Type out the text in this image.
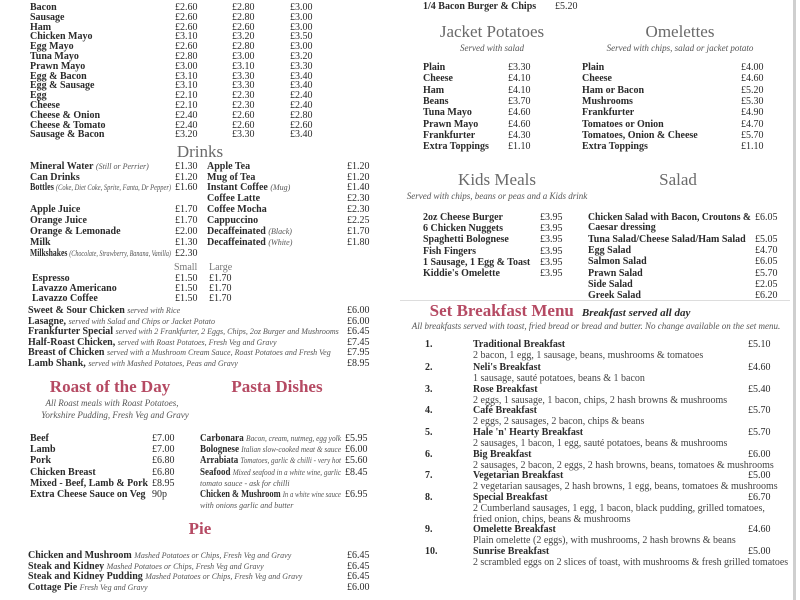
Bacon	£2.60	£2.80	£3.00
Sausage	£2.60	£2.80	£3.00
Ham	£2.60	£2.60	£3.00
Chicken Mayo	£3.10	£3.20	£3.50
Egg Mayo	£2.60	£2.80	£3.00
Tuna Mayo	£2.80	£3.00	£3.20
Prawn Mayo	£3.00	£3.10	£3.30
Egg & Bacon	£3.10	£3.30	£3.40
Egg & Sausage	£3.10	£3.30	£3.40
Egg	£2.10	£2.30	£2.40
Cheese	£2.10	£2.30	£2.40
Cheese & Onion	£2.40	£2.60	£2.80
Cheese & Tomato	£2.40	£2.60	£2.60
Sausage & Bacon	£3.20	£3.30	£3.40
Drinks
Mineral Water (Still or Perrier)	£1.30
Can Drinks	£1.20
Bottles (Coke, Diet Coke, Sprite, Fanta, Dr Pepper) £1.60
Apple Juice	£1.70
Orange Juice	£1.70
Orange & Lemonade	£2.00
Milk	£1.30
Milkshakes (Chocolate, Strawberry, Banana, Vanilla) £2.30
Apple Tea	£1.20
Mug of Tea	£1.20
Instant Coffee (Mug)	£1.40
Coffee Latte	£2.30
Coffee Mocha	£2.30
Cappuccino	£2.25
Decaffeinated (Black)	£1.70
Decaffeinated (White)	£1.80
Small Large
Espresso	£1.50 £1.70
Lavazzo Americano	£1.50 £1.70
Lavazzo Coffee	£1.50 £1.70
Sweet & Sour Chicken served with Rice	£6.00
Lasagne, served with Salad and Chips or Jacket Potato	£6.00
Frankfurter Special served with 2 Frankfurter, 2 Eggs, Chips, 2oz Burger and Mushrooms £6.45
Half-Roast Chicken, served with Roast Potatoes, Fresh Veg and Gravy	£7.45
Breast of Chicken served with a Mushroom Cream Sauce, Roast Potatoes and Fresh Veg £7.95
Lamb Shank, served with Mashed Potatoes, Peas and Gravy	£8.95
Roast of the Day	Pasta Dishes
All Roast meals with Roast Potatoes,
Yorkshire Pudding, Fresh Veg and Gravy
Beef	£7.00
Lamb	£7.00
Pork	£6.80
Chicken Breast	£6.80
Mixed - Beef, Lamb & Pork £8.95
Extra Cheese Sauce on Veg 90p
Carbonara Bacon, cream, nutmeg, egg yolk £5.95
Bolognese Italian slow-cooked meat & sauce £6.00
Arrabiata Tomatoes, garlic & chilli - very hot £5.60
Seafood Mixed seafood in a white wine, garlic £8.45
tomato sauce - ask for chilli
Chicken & Mushroom In a white wine sauce £6.95
with onions garlic and butter
Pie
Chicken and Mushroom Mashed Potatoes or Chips, Fresh Veg and Gravy	£6.45
Steak and Kidney Mashed Potatoes or Chips, Fresh Veg and Gravy	£6.45
Steak and Kidney Pudding Mashed Potatoes or Chips, Fresh Veg and Gravy	£6.45
Cottage Pie Fresh Veg and Gravy	£6.00
Jacket Potatoes
Served with salad
Omelettes
Served with chips, salad or jacket potato
1/4 Bacon Burger & Chips £5.20
Plain	£3.30	Plain	£4.00
Cheese	£4.10	Cheese	£4.60
Ham	£4.10	Ham or Bacon	£5.20
Beans	£3.70	Mushrooms	£5.30
Tuna Mayo	£4.60	Frankfurter	£4.90
Prawn Mayo	£4.60	Tomatoes or Onion	£4.70
Frankfurter	£4.30	Tomatoes, Onion & Cheese	£5.70
Extra Toppings £1.10	Extra Toppings	£1.10
Kids Meals
Served with chips, beans or peas and a Kids drink
Salad
2oz Cheese Burger	£3.95
6 Chicken Nuggets	£3.95
Spaghetti Bolognese	£3.95
Fish Fingers	£3.95
1 Sausage, 1 Egg & Toast £3.95
Kiddie's Omelette	£3.95
Chicken Salad with Bacon, Croutons & £6.05
Caesar dressing
Tuna Salad/Cheese Salad/Ham Salad £5.05
Egg Salad	£4.70
Salmon Salad	£6.05
Prawn Salad	£5.70
Side Salad	£2.05
Greek Salad	£6.20
Set Breakfast Menu Breakfast served all day
All breakfasts served with toast, fried bread or bread and butter. No change available on the set menu.
1.	Traditional Breakfast	£5.10
2 bacon, 1 egg, 1 sausage, beans, mushrooms & tomatoes
2.	Neli's Breakfast	£4.60
1 sausage, sauté potatoes, beans & 1 bacon
3.	Rose Breakfast	£5.40
2 eggs, 1 sausage, 1 bacon, chips, 2 hash browns & mushrooms
4.	Café Breakfast	£5.70
2 eggs, 2 sausages, 2 bacon, chips & beans
5.	Hale 'n' Hearty Breakfast	£5.70
2 sausages, 1 bacon, 1 egg, sauté potatoes, beans & mushrooms
6.	Big Breakfast	£6.00
2 sausages, 2 bacon, 2 eggs, 2 hash browns, beans, tomatoes & mushrooms
7.	Vegetarian Breakfast	£5.00
2 vegetarian sausages, 2 hash browns, 1 egg, beans, tomatoes & mushrooms
8.	Special Breakfast	£6.70
2 Cumberland sausages, 1 egg, 1 bacon, black pudding, grilled tomatoes,
fried onion, chips, beans & mushrooms
9.	Omelette Breakfast	£4.60
Plain omelette (2 eggs), with mushrooms, 2 hash browns & beans
10.	Sunrise Breakfast	£5.00
2 scrambled eggs on 2 slices of toast, with mushrooms & fresh grilled tomatoes
